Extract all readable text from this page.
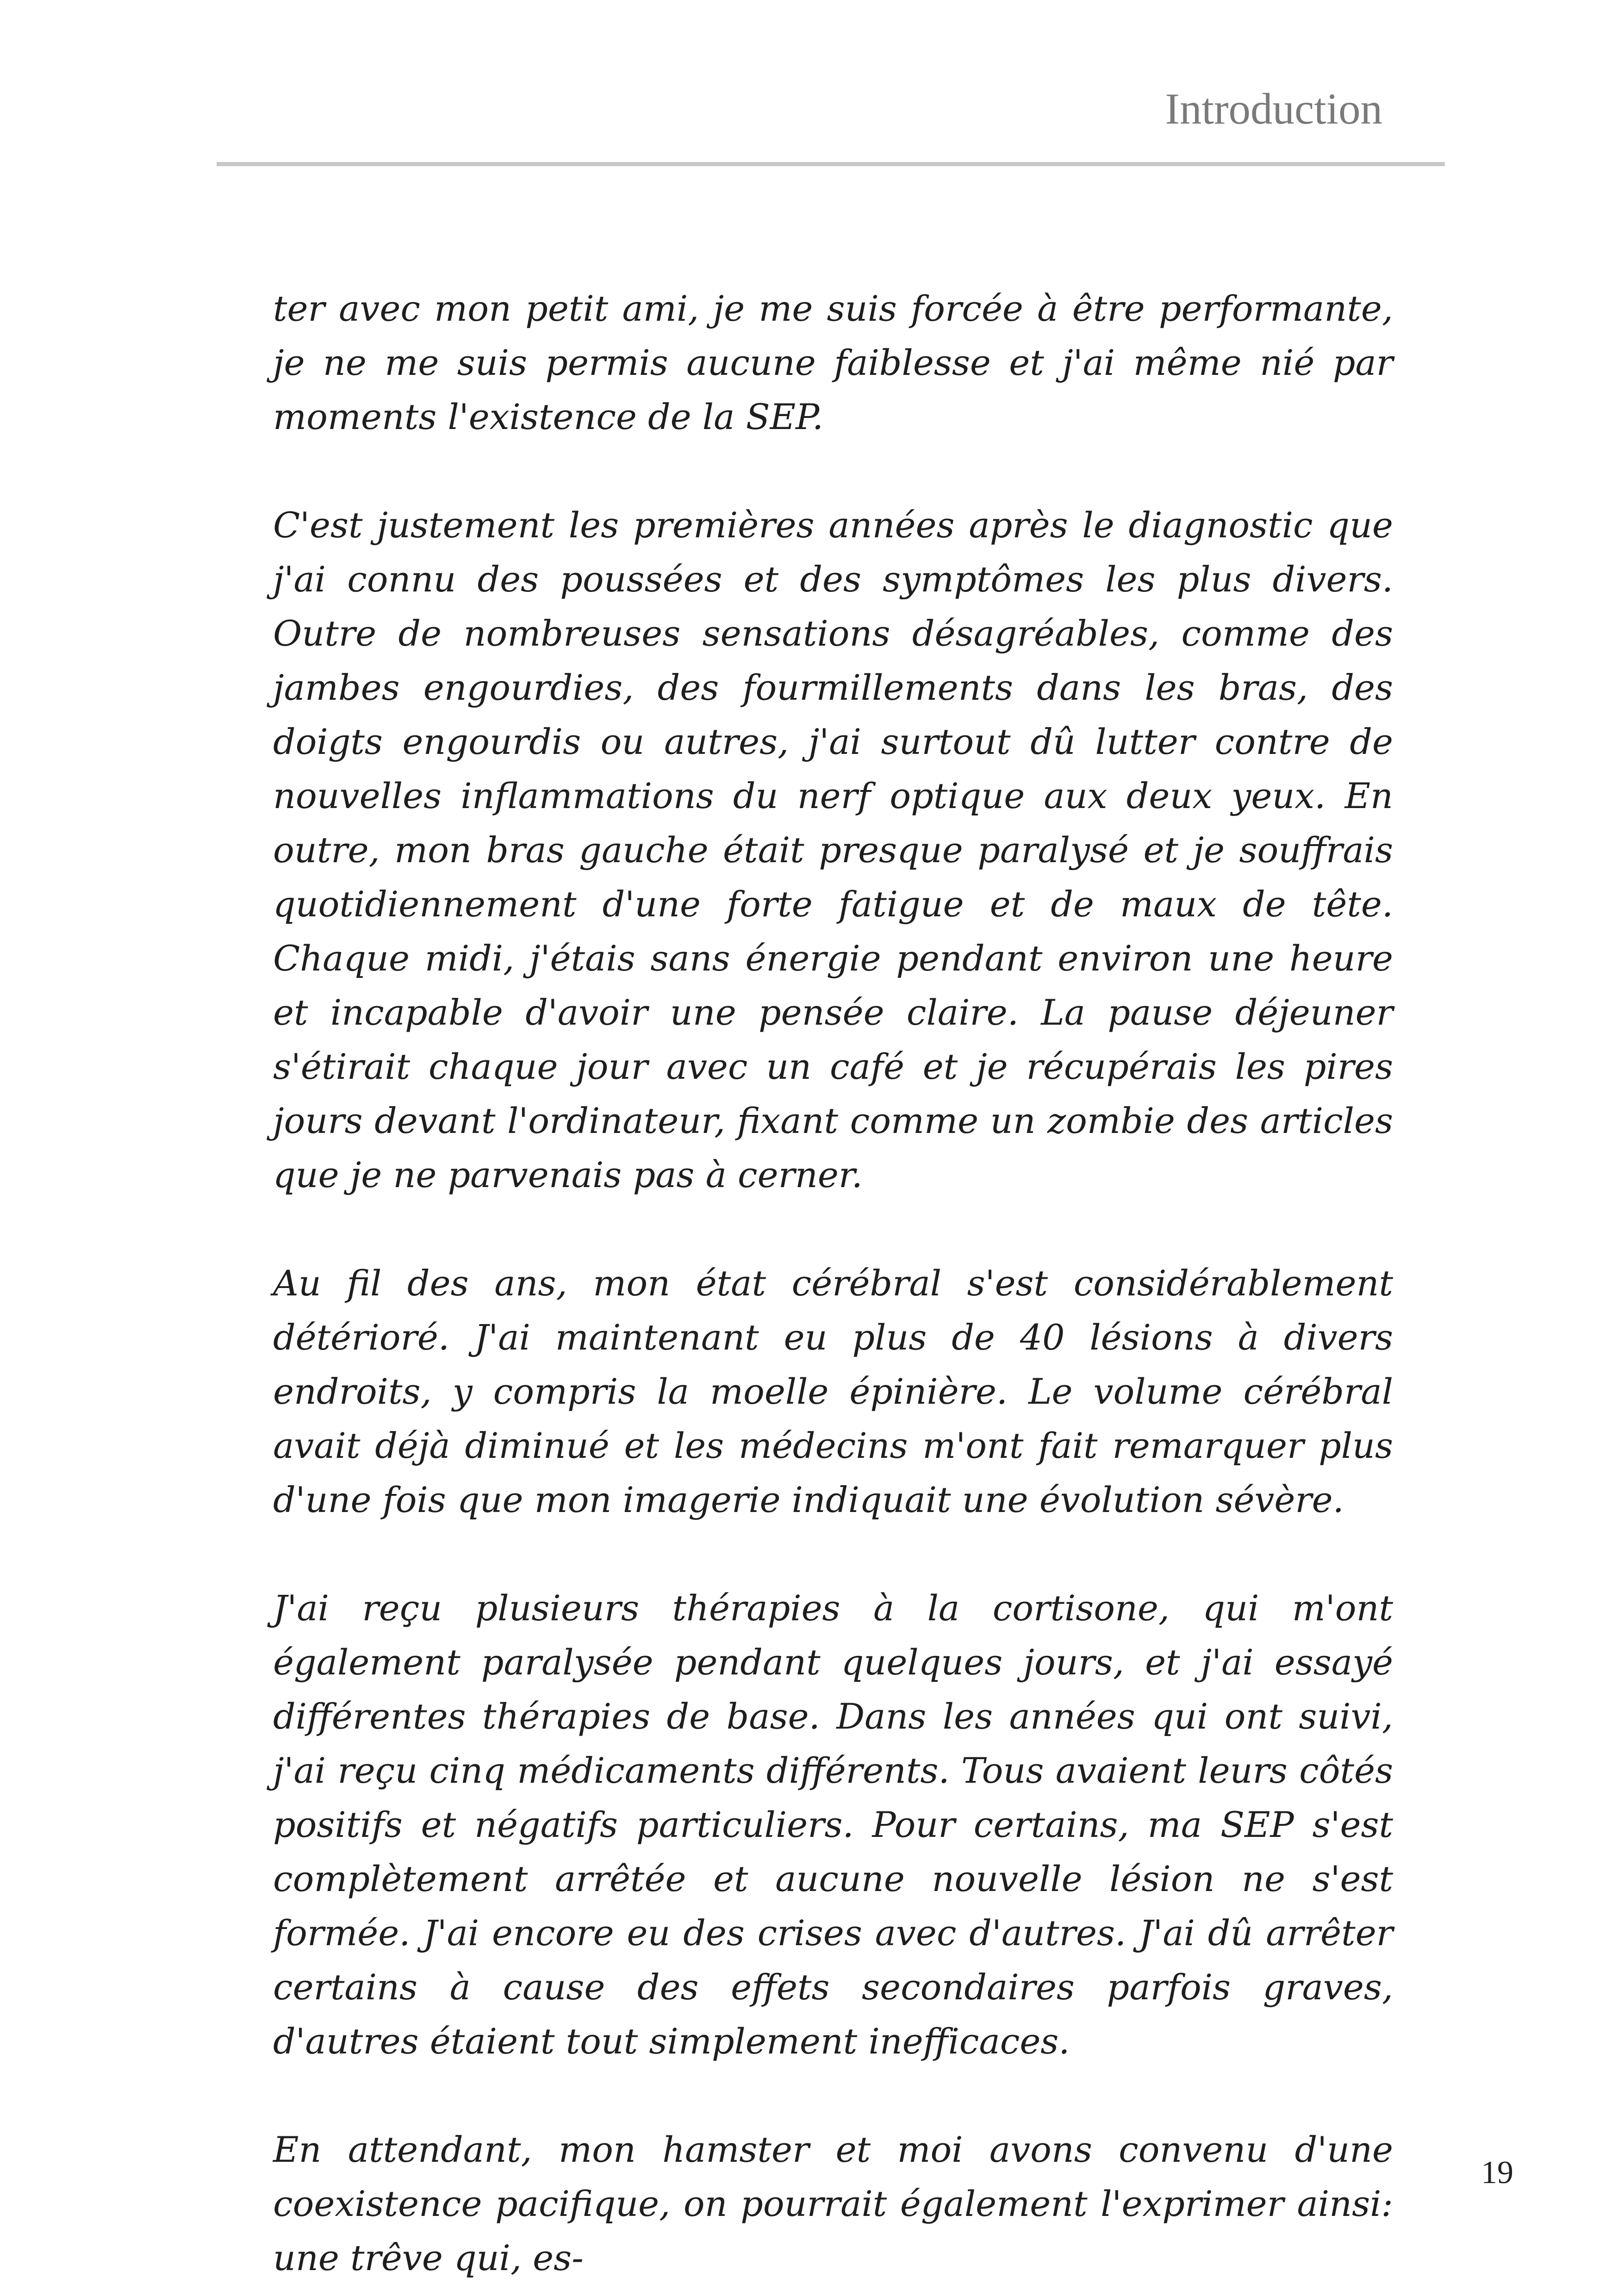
Introduction

ter avec mon petit ami, je me suis forcée à être performante, je ne me suis permis aucune faiblesse et j'ai même nié par moments l'existence de la SEP.

C'est justement les premières années après le diagnostic que j'ai connu des poussées et des symptômes les plus divers. Outre de nombreuses sensations désagréables, comme des jambes engourdies, des fourmillements dans les bras, des doigts engourdis ou autres, j'ai surtout dû lutter contre de nouvelles inflammations du nerf optique aux deux yeux. En outre, mon bras gauche était presque paralysé et je souffrais quotidiennement d'une forte fatigue et de maux de tête. Chaque midi, j'étais sans énergie pendant environ une heure et incapable d'avoir une pensée claire. La pause déjeuner s'étirait chaque jour avec un café et je récupérais les pires jours devant l'ordinateur, fixant comme un zombie des articles que je ne parvenais pas à cerner.

Au fil des ans, mon état cérébral s'est considérablement détérioré. J'ai maintenant eu plus de 40 lésions à divers endroits, y compris la moelle épinière. Le volume cérébral avait déjà diminué et les médecins m'ont fait remarquer plus d'une fois que mon imagerie indiquait une évolution sévère.

J'ai reçu plusieurs thérapies à la cortisone, qui m'ont également paralysée pendant quelques jours, et j'ai essayé différentes thérapies de base. Dans les années qui ont suivi, j'ai reçu cinq médicaments différents. Tous avaient leurs côtés positifs et négatifs particuliers. Pour certains, ma SEP s'est complètement arrêtée et aucune nouvelle lésion ne s'est formée. J'ai encore eu des crises avec d'autres. J'ai dû arrêter certains à cause des effets secondaires parfois graves, d'autres étaient tout simplement inefficaces.

En attendant, mon hamster et moi avons convenu d'une coexistence pacifique, on pourrait également l'exprimer ainsi: une trêve qui, es-

19
